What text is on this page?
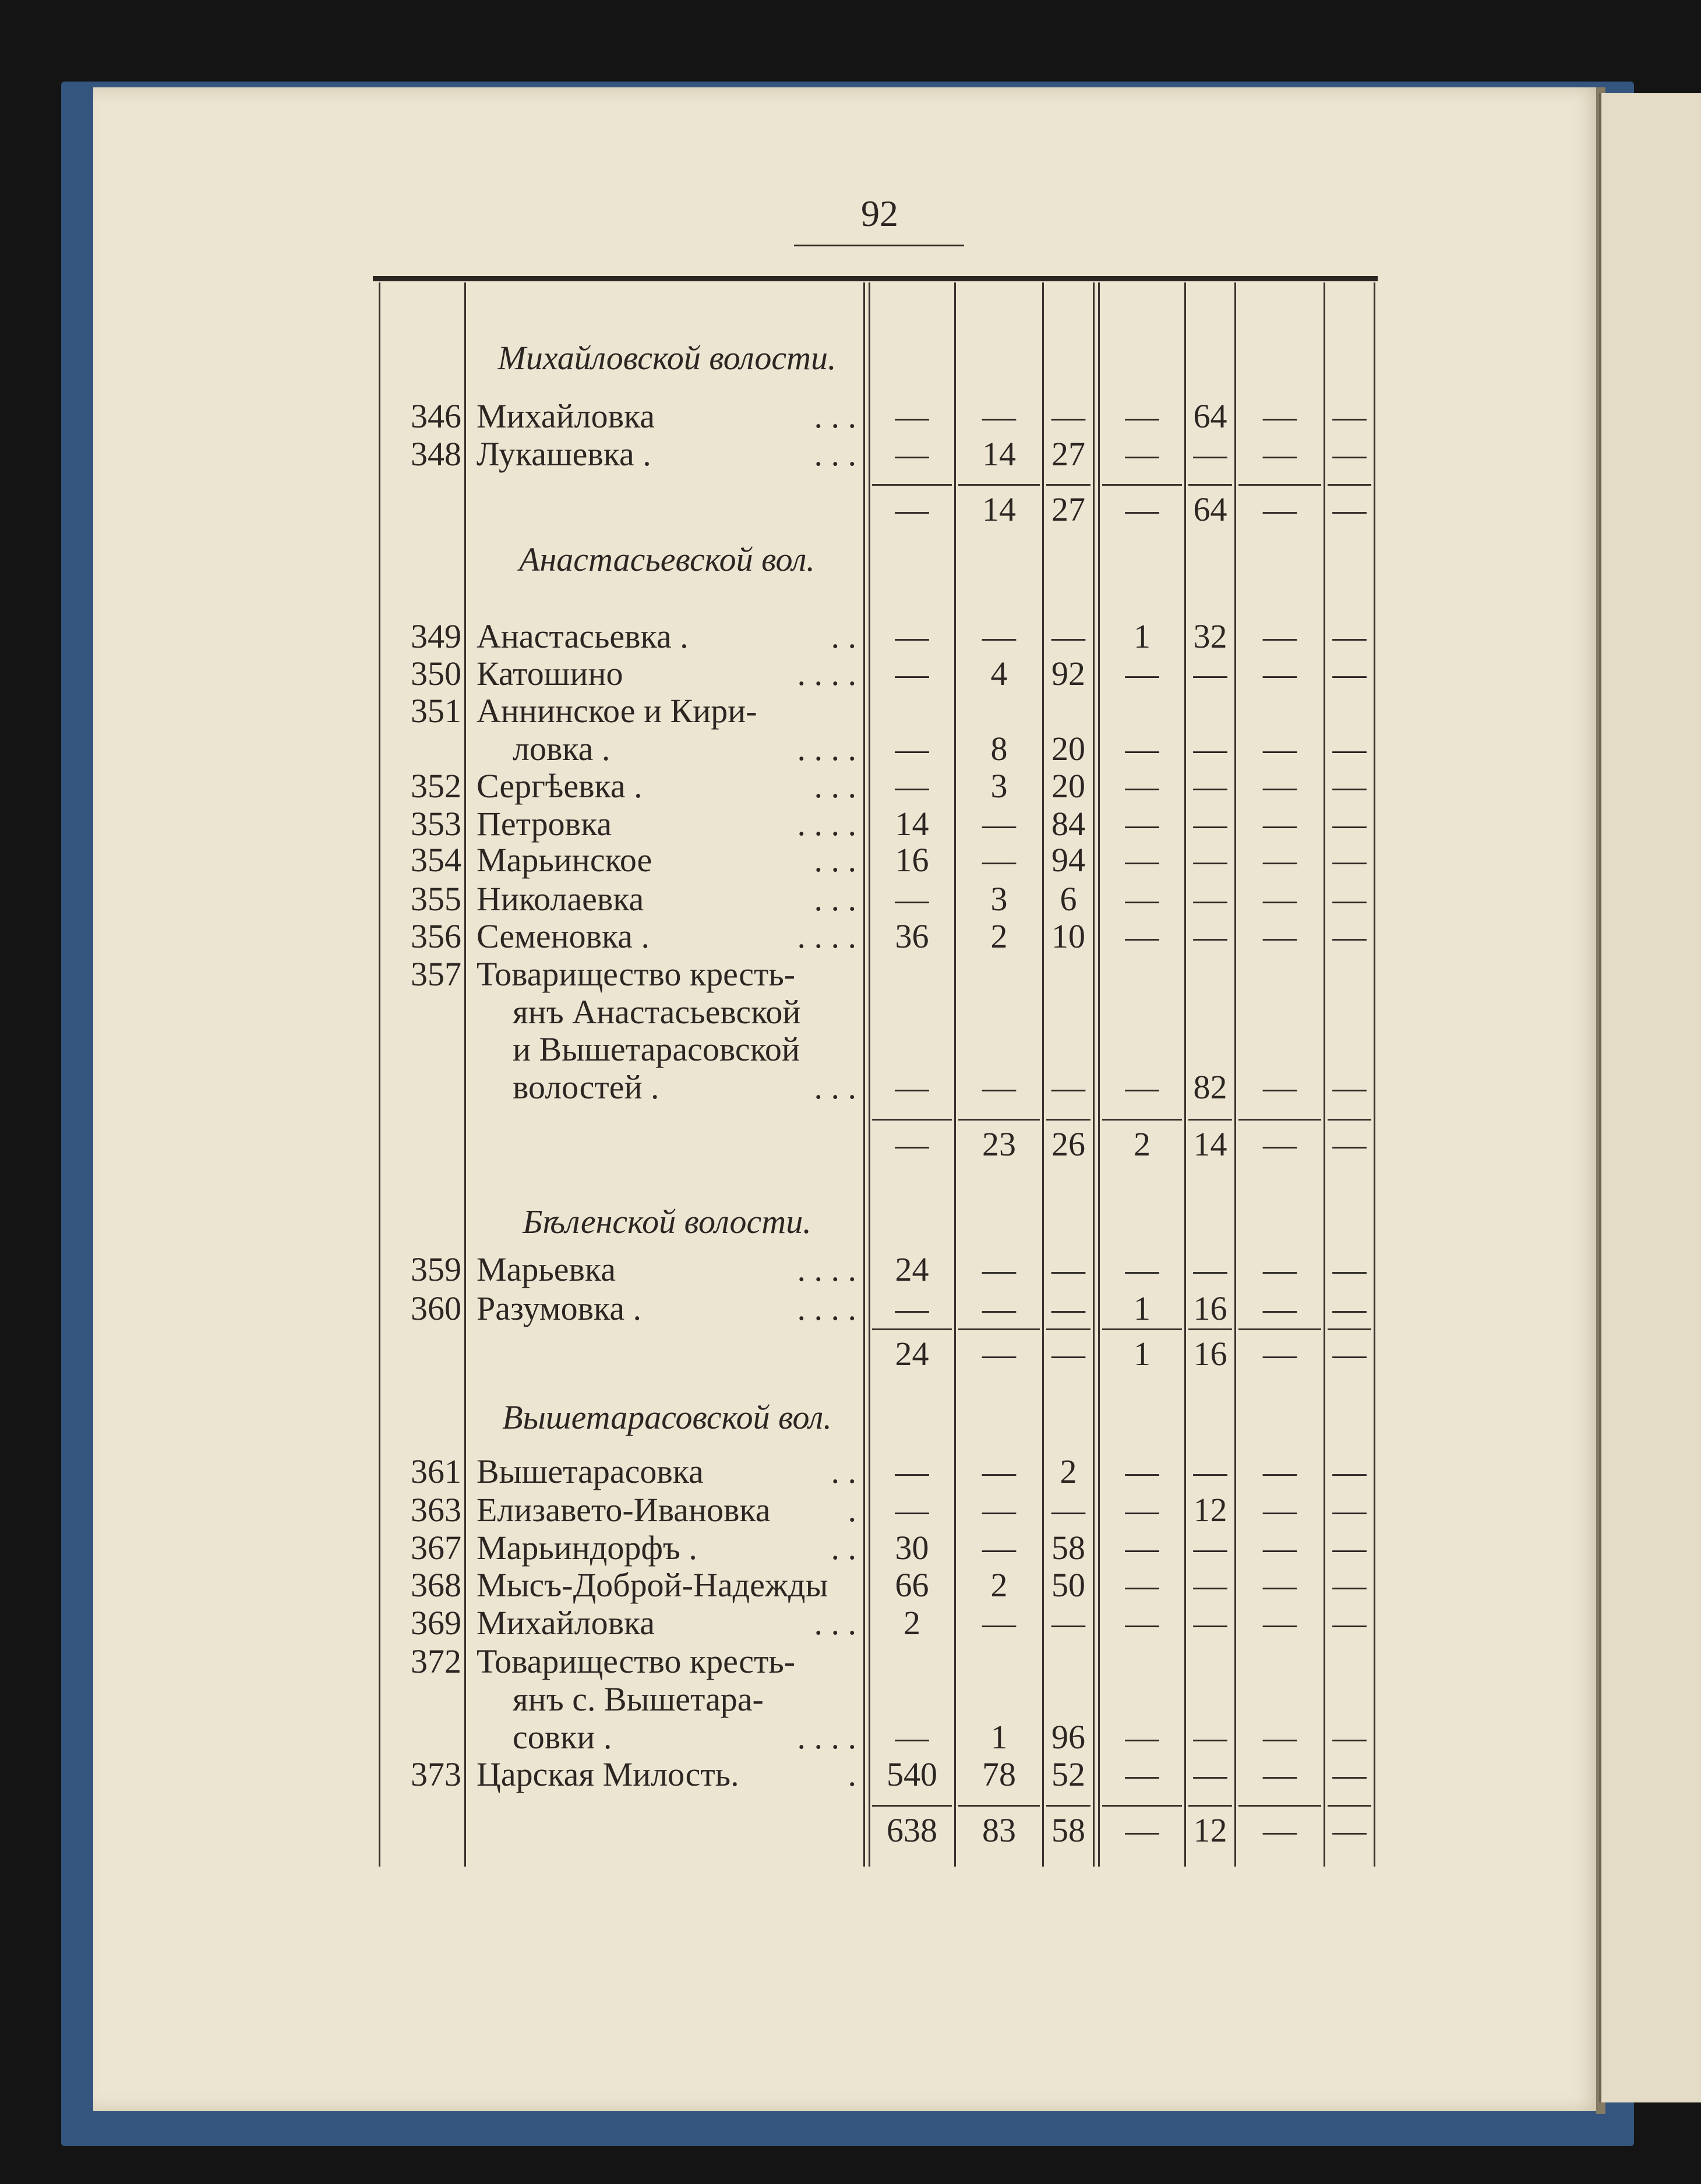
92
Михайловской волости.
346 Михайловка	. . .	—	—	—	—	64	—	—
348 Лукашевка .	. . .	—	14	27	—	—	—	—
—	14	27	—	64	—	—
Анастасьевской вол.
349 Анастасьевка .	. .	—	—	—	1	32	—	—
350 Катошино	. . . .	—	4	92	—	—	—	—
351 Аннинское и Кири-
ловка .	. . . .	—	8	20	—	—	—	—
352 Сергѣевка .	. . .	—	3	20	—	—	—	—
353 Петровка	. . . .	14	—	84	—	—	—	—
354 Марьинское	. . .	16	—	94	—	—	—	—
355 Николаевка	. . .	—	3	6	—	—	—	—
356 Семеновка .	. . . .	36	2	10	—	—	—	—
357 Товарищество кресть-
янъ Анастасьевской
и Вышетарасовской
волостей .	. . .	—	—	—	—	82	—	—
—	23	26	2	14	—	—
Бѣленской волости.
359 Марьевка	. . . .	24	—	—	—	—	—	—
360 Разумовка .	. . . .	—	—	—	1	16	—	—
24	—	—	1	16	—	—
Вышетарасовской вол.
361 Вышетарасовка	. .	—	—	2	—	—	—	—
363 Елизавето-Ивановка	.	—	—	—	—	12	—	—
367 Марьиндорфъ .	. .	30	—	58	—	—	—	—
368 Мысъ-Доброй-Надежды	66	2	50	—	—	—	—
369 Михайловка	. . .	2	—	—	—	—	—	—
372 Товарищество кресть-
янъ с. Вышетара-
совки .	. . . .	—	1	96	—	—	—	—
373 Царская Милость.	. 540	78	52	—	—	—	—
638	83	58	—	12	—	—
